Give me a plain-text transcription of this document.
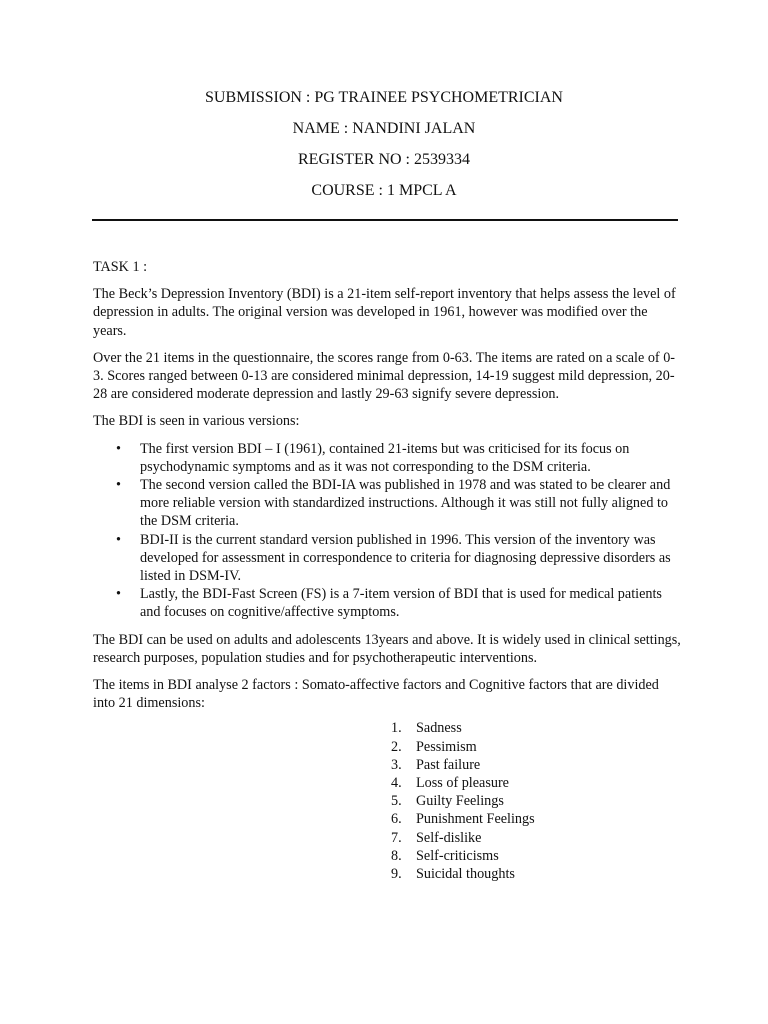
SUBMISSION : PG TRAINEE PSYCHOMETRICIAN
NAME : NANDINI JALAN
REGISTER NO : 2539334
COURSE : 1 MPCL A

TASK 1 :

The Beck’s Depression Inventory (BDI) is a 21-item self-report inventory that helps assess the level of depression in adults. The original version was developed in 1961, however was modified over the years.

Over the 21 items in the questionnaire, the scores range from 0-63. The items are rated on a scale of 0-3. Scores ranged between 0-13 are considered minimal depression, 14-19 suggest mild depression, 20-28 are considered moderate depression and lastly 29-63 signify severe depression.

The BDI is seen in various versions:

• The first version BDI – I (1961), contained 21-items but was criticised for its focus on psychodynamic symptoms and as it was not corresponding to the DSM criteria.
• The second version called the BDI-IA was published in 1978 and was stated to be clearer and more reliable version with standardized instructions. Although it was still not fully aligned to the DSM criteria.
• BDI-II is the current standard version published in 1996. This version of the inventory was developed for assessment in correspondence to criteria for diagnosing depressive disorders as listed in DSM-IV.
• Lastly, the BDI-Fast Screen (FS) is a 7-item version of BDI that is used for medical patients and focuses on cognitive/affective symptoms.

The BDI can be used on adults and adolescents 13years and above. It is widely used in clinical settings, research purposes, population studies and for psychotherapeutic interventions.

The items in BDI analyse 2 factors : Somato-affective factors and Cognitive factors that are divided into 21 dimensions:

1. Sadness
2. Pessimism
3. Past failure
4. Loss of pleasure
5. Guilty Feelings
6. Punishment Feelings
7. Self-dislike
8. Self-criticisms
9. Suicidal thoughts
